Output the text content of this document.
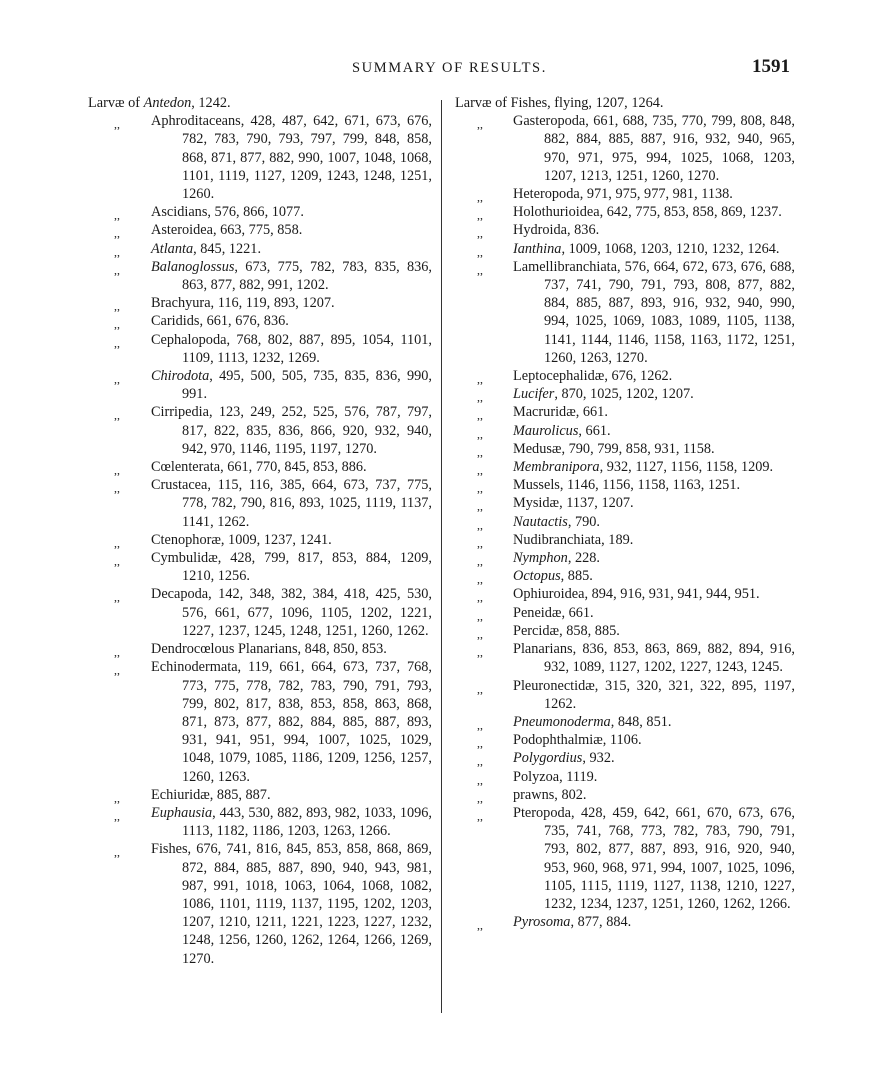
SUMMARY OF RESULTS.	1591
Larvæ of Antedon, 1242.

,, Aphroditaceans, 428, 487, 642, 671, 673, 676, 782, 783, 790, 793, 797, 799, 848, 858, 868, 871, 877, 882, 990, 1007, 1048, 1068, 1101, 1119, 1127, 1209, 1243, 1248, 1251, 1260.

,, Ascidians, 576, 866, 1077.

,, Asteroidea, 663, 775, 858.

,, Atlanta, 845, 1221.

,, Balanoglossus, 673, 775, 782, 783, 835, 836, 863, 877, 882, 991, 1202.

,, Brachyura, 116, 119, 893, 1207.

,, Caridids, 661, 676, 836.

,, Cephalopoda, 768, 802, 887, 895, 1054, 1101, 1109, 1113, 1232, 1269.

,, Chirodota, 495, 500, 505, 735, 835, 836, 990, 991.

,, Cirripedia, 123, 249, 252, 525, 576, 787, 797, 817, 822, 835, 836, 866, 920, 932, 940, 942, 970, 1146, 1195, 1197, 1270.

,, Cœlenterata, 661, 770, 845, 853, 886.

,, Crustacea, 115, 116, 385, 664, 673, 737, 775, 778, 782, 790, 816, 893, 1025, 1119, 1137, 1141, 1262.

,, Ctenophoræ, 1009, 1237, 1241.

,, Cymbulidæ, 428, 799, 817, 853, 884, 1209, 1210, 1256.

,, Decapoda, 142, 348, 382, 384, 418, 425, 530, 576, 661, 677, 1096, 1105, 1202, 1221, 1227, 1237, 1245, 1248, 1251, 1260, 1262.

,, Dendrocœlous Planarians, 848, 850, 853.

,, Echinodermata, 119, 661, 664, 673, 737, 768, 773, 775, 778, 782, 783, 790, 791, 793, 799, 802, 817, 838, 853, 858, 863, 868, 871, 873, 877, 882, 884, 885, 887, 893, 931, 941, 951, 994, 1007, 1025, 1029, 1048, 1079, 1085, 1186, 1209, 1256, 1257, 1260, 1263.

,, Echiuridæ, 885, 887.

,, Euphausia, 443, 530, 882, 893, 982, 1033, 1096, 1113, 1182, 1186, 1203, 1263, 1266.

,, Fishes, 676, 741, 816, 845, 853, 858, 868, 869, 872, 884, 885, 887, 890, 940, 943, 981, 987, 991, 1018, 1063, 1064, 1068, 1082, 1086, 1101, 1119, 1137, 1195, 1202, 1203, 1207, 1210, 1211, 1221, 1223, 1227, 1232, 1248, 1256, 1260, 1262, 1264, 1266, 1269, 1270.

Larvæ of Fishes, flying, 1207, 1264.

,, Gasteropoda, 661, 688, 735, 770, 799, 808, 848, 882, 884, 885, 887, 916, 932, 940, 965, 970, 971, 975, 994, 1025, 1068, 1203, 1207, 1213, 1251, 1260, 1270.

,, Heteropoda, 971, 975, 977, 981, 1138.

,, Holothurioidea, 642, 775, 853, 858, 869, 1237.

,, Hydroida, 836.

,, Ianthina, 1009, 1068, 1203, 1210, 1232, 1264.

,, Lamellibranchiata, 576, 664, 672, 673, 676, 688, 737, 741, 790, 791, 793, 808, 877, 882, 884, 885, 887, 893, 916, 932, 940, 990, 994, 1025, 1069, 1083, 1089, 1105, 1138, 1141, 1144, 1146, 1158, 1163, 1172, 1251, 1260, 1263, 1270.

,, Leptocephalidæ, 676, 1262.

,, Lucifer, 870, 1025, 1202, 1207.

,, Macruridæ, 661.

,, Maurolicus, 661.

,, Medusæ, 790, 799, 858, 931, 1158.

,, Membranipora, 932, 1127, 1156, 1158, 1209.

,, Mussels, 1146, 1156, 1158, 1163, 1251.

,, Mysidæ, 1137, 1207.

,, Nautactis, 790.

,, Nudibranchiata, 189.

,, Nymphon, 228.

,, Octopus, 885.

,, Ophiuroidea, 894, 916, 931, 941, 944, 951.

,, Peneidæ, 661.

,, Percidæ, 858, 885.

,, Planarians, 836, 853, 863, 869, 882, 894, 916, 932, 1089, 1127, 1202, 1227, 1243, 1245.

,, Pleuronectidæ, 315, 320, 321, 322, 895, 1197, 1262.

,, Pneumonoderma, 848, 851.

,, Podophthalmiæ, 1106.

,, Polygordius, 932.

,, Polyzoa, 1119.

,, prawns, 802.

,, Pteropoda, 428, 459, 642, 661, 670, 673, 676, 735, 741, 768, 773, 782, 783, 790, 791, 793, 802, 877, 887, 893, 916, 920, 940, 953, 960, 968, 971, 994, 1007, 1025, 1096, 1105, 1115, 1119, 1127, 1138, 1210, 1227, 1232, 1234, 1237, 1251, 1260, 1262, 1266.

,, Pyrosoma, 877, 884.
